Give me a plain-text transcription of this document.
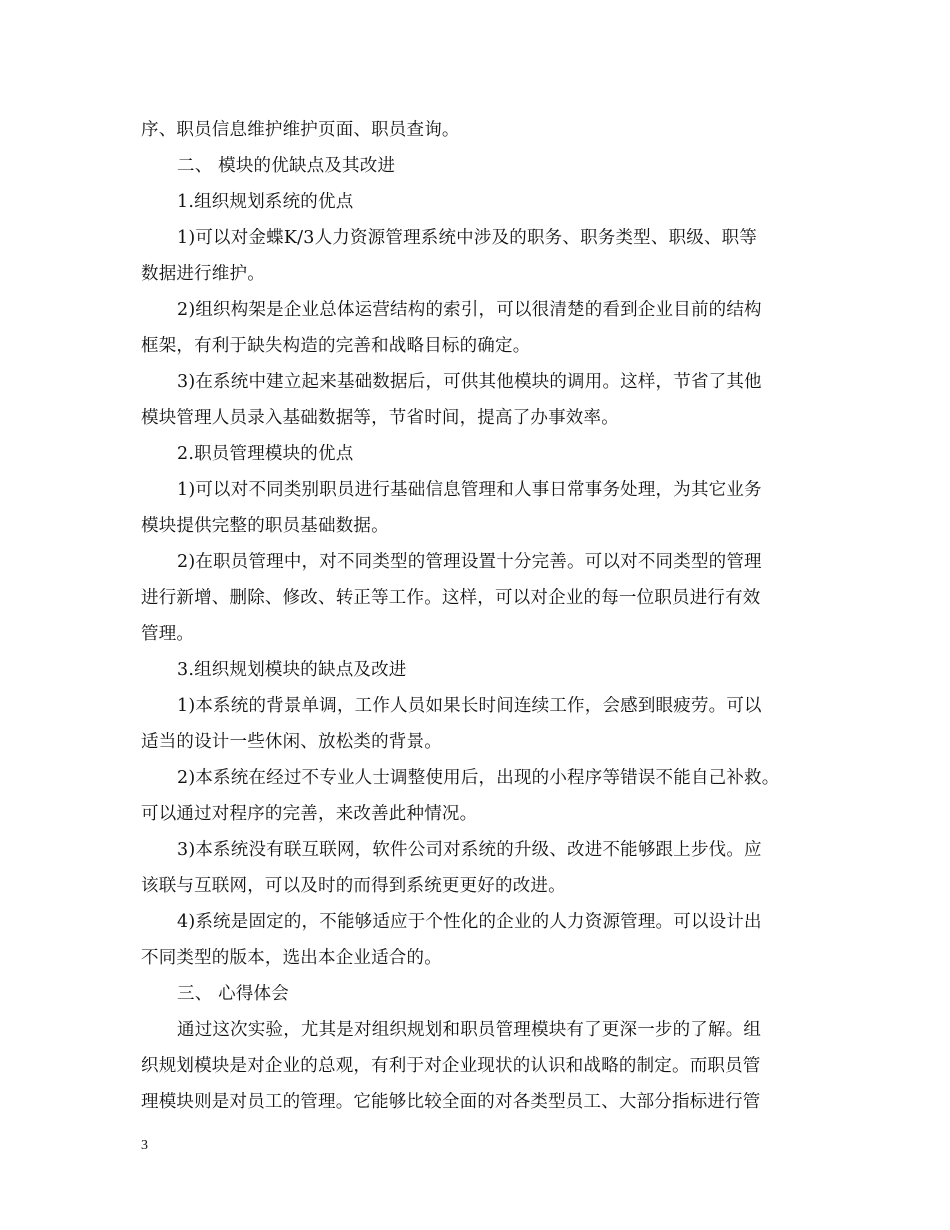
序、职员信息维护维护页面、职员查询。
二、 模块的优缺点及其改进
1.组织规划系统的优点
1)可以对金蝶K/3人力资源管理系统中涉及的职务、职务类型、职级、职等
数据进行维护。
2)组织构架是企业总体运营结构的索引，可以很清楚的看到企业目前的结构
框架，有利于缺失构造的完善和战略目标的确定。
3)在系统中建立起来基础数据后，可供其他模块的调用。这样，节省了其他
模块管理人员录入基础数据等，节省时间，提高了办事效率。
2.职员管理模块的优点
1)可以对不同类别职员进行基础信息管理和人事日常事务处理，为其它业务
模块提供完整的职员基础数据。
2)在职员管理中，对不同类型的管理设置十分完善。可以对不同类型的管理
进行新增、删除、修改、转正等工作。这样，可以对企业的每一位职员进行有效
管理。
3.组织规划模块的缺点及改进
1)本系统的背景单调，工作人员如果长时间连续工作，会感到眼疲劳。可以
适当的设计一些休闲、放松类的背景。
2)本系统在经过不专业人士调整使用后，出现的小程序等错误不能自己补救。
可以通过对程序的完善，来改善此种情况。
3)本系统没有联互联网，软件公司对系统的升级、改进不能够跟上步伐。应
该联与互联网，可以及时的而得到系统更更好的改进。
4)系统是固定的，不能够适应于个性化的企业的人力资源管理。可以设计出
不同类型的版本，选出本企业适合的。
三、 心得体会
通过这次实验，尤其是对组织规划和职员管理模块有了更深一步的了解。组
织规划模块是对企业的总观，有利于对企业现状的认识和战略的制定。而职员管
理模块则是对员工的管理。它能够比较全面的对各类型员工、大部分指标进行管
3
